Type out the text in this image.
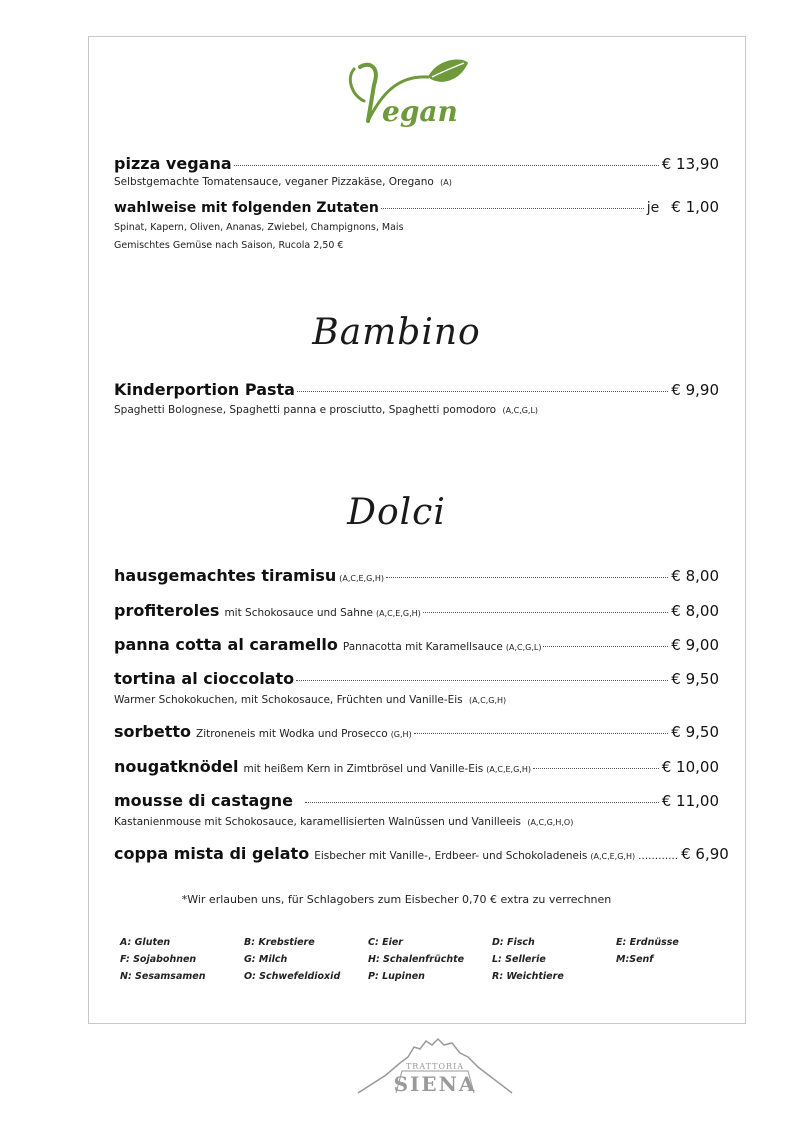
egan
pizza vegana	€ 13,90
Selbstgemachte Tomatensauce, veganer Pizzakäse, Oregano (A)
wahlweise mit folgenden Zutaten	je € 1,00
Spinat, Kapern, Oliven, Ananas, Zwiebel, Champignons, Mais
Gemischtes Gemüse nach Saison, Rucola 2,50 €
Bambino
Kinderportion Pasta	€ 9,90
Spaghetti Bolognese, Spaghetti panna e prosciutto, Spaghetti pomodoro (A,C,G,L)
Dolci
hausgemachtes tiramisu (A,C,E,G,H)	€ 8,00
profiteroles mit Schokosauce und Sahne (A,C,E,G,H)	€ 8,00
panna cotta al caramello Pannacotta mit Karamellsauce (A,C,G,L)	€ 9,00
tortina al cioccolato	€ 9,50
Warmer Schokokuchen, mit Schokosauce, Früchten und Vanille-Eis (A,C,G,H)
sorbetto Zitroneneis mit Wodka und Prosecco (G,H)	€ 9,50
nougatknödel mit heißem Kern in Zimtbrösel und Vanille-Eis (A,C,E,G,H)	€ 10,00
mousse di castagne	€ 11,00
Kastanienmouse mit Schokosauce, karamellisierten Walnüssen und Vanilleeis (A,C,G,H,O)
coppa mista di gelato Eisbecher mit Vanille-, Erdbeer- und Schokoladeneis (A,C,E,G,H) ………… € 6,90
*Wir erlauben uns, für Schlagobers zum Eisbecher 0,70 € extra zu verrechnen
A: Gluten	B: Krebstiere	C: Eier	D: Fisch	E: Erdnüsse
F: Sojabohnen	G: Milch	H: Schalenfrüchte	L: Sellerie	M:Senf
N: Sesamsamen	O: Schwefeldioxid	P: Lupinen	R: Weichtiere
TRATTORIA
SIENA
